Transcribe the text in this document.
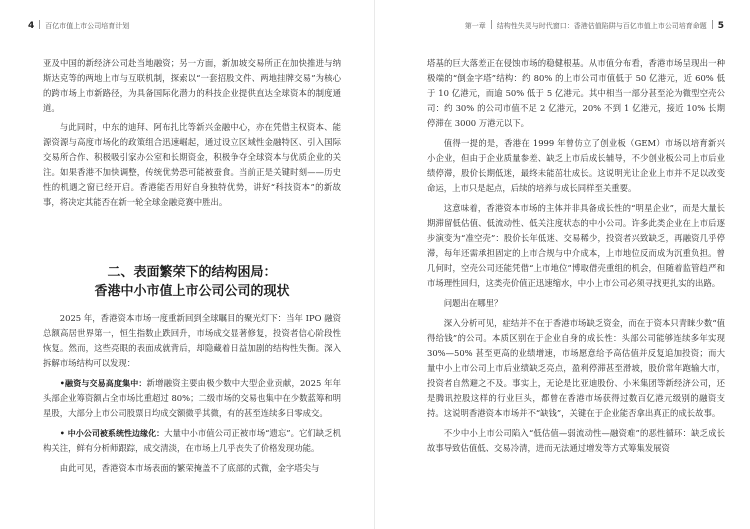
4 百亿市值上市公司培育计划

亚及中国的新经济公司赴当地融资；另一方面，新加坡交易所正在加快推进与纳斯达克等的两地上市与互联机制，探索以“一套招股文件、两地挂牌交易”为核心的跨市场上市新路径，为具备国际化潜力的科技企业提供直达全球资本的制度通道。

与此同时，中东的迪拜、阿布扎比等新兴金融中心，亦在凭借主权资本、能源资源与高度市场化的政策组合迅速崛起，通过设立区域性金融特区、引入国际交易所合作、积极吸引家办公室和长期资金，积极争夺全球资本与优质企业的关注。如果香港不加快调整，传统优势恐可能被蚕食。当前正是关键时刻——历史性的机遇之窗已经开启。香港能否用好自身独特优势，讲好“科技资本”的新故事，将决定其能否在新一轮全球金融竞赛中胜出。

二、表面繁荣下的结构困局：
香港中小市值上市公司公司的现状

2025 年，香港资本市场一度重新回到全球瞩目的聚光灯下：当年 IPO 融资总额高居世界第一，恒生指数止跌回升，市场成交显著修复，投资者信心阶段性恢复。然而，这些亮眼的表面成就背后，却隐藏着日益加剧的结构性失衡。深入拆解市场结构可以发现：

•融资与交易高度集中：新增融资主要由极少数中大型企业贡献，2025 年年头部企业筹资额占全市场比重超过 80%；二级市场的交易也集中在少数蓝筹和明星股，大部分上市公司股票日均成交额微乎其微，有的甚至连续多日零成交。

• 中小公司被系统性边缘化：大量中小市值公司正被市场“遗忘”。它们缺乏机构关注，鲜有分析师跟踪，成交清淡，在市场上几乎丧失了价格发现功能。

由此可见，香港资本市场表面的繁荣掩盖不了底部的式微，金字塔尖与

第一章 结构性失灵与时代窗口：香港估值陷阱与百亿市值上市公司培育命题 5

塔基的巨大落差正在侵蚀市场的稳健根基。从市值分布看，香港市场呈现出一种极端的“倒金字塔”结构：约 80% 的上市公司市值低于 50 亿港元，近 60% 低于 10 亿港元，而逾 50% 低于 5 亿港元。其中相当一部分甚至沦为微型空壳公司：约 30% 的公司市值不足 2 亿港元，20% 不到 1 亿港元，接近 10% 长期停滞在 3000 万港元以下。

值得一提的是，香港在 1999 年曾仿立了创业板（GEM）市场以培育新兴小企业，但由于企业质量参差、缺乏上市后成长辅导，不少创业板公司上市后业绩停滞，股价长期低迷，最终未能茁壮成长。这说明光让企业上市并不足以改变命运，上市只是起点，后续的培养与成长同样至关重要。

这意味着，香港资本市场的主体并非具备成长性的“明星企业”，而是大量长期滞留低估值、低流动性、低关注度状态的中小公司。许多此类企业在上市后逐步演变为“准空壳”：股价长年低迷、交易稀少，投资者兴致缺乏，再融资几乎停滞，每年还需承担固定的上市合规与中介成本，上市地位反而成为沉重负担。曾几何时，空壳公司还能凭借“上市地位”博取借壳重组的机会，但随着监管趋严和市场理性回归，这类壳价值正迅速缩水，中小上市公司必须寻找更扎实的出路。

问题出在哪里？

深入分析可见，症结并不在于香港市场缺乏资金，而在于资本只青睐少数“值得给钱”的公司。本质区别在于企业自身的成长性：头部公司能够连续多年实现 30%—50% 甚至更高的业绩增速，市场愿意给予高估值并反复追加投资；而大量中小上市公司上市后业绩缺乏亮点，盈利停滞甚至滑坡，股价常年跑输大市，投资者自然避之不及。事实上，无论是比亚迪股份、小米集团等新经济公司，还是腾讯控股这样的行业巨头，都曾在香港市场获得过数百亿港元级别的融资支持。这说明香港资本市场并不“缺钱”，关键在于企业能否拿出真正的成长故事。

不少中小上市公司陷入“低估值—弱流动性—融资难”的恶性循环：缺乏成长故事导致估值低、交易冷清，进而无法通过增发等方式筹集发展资
